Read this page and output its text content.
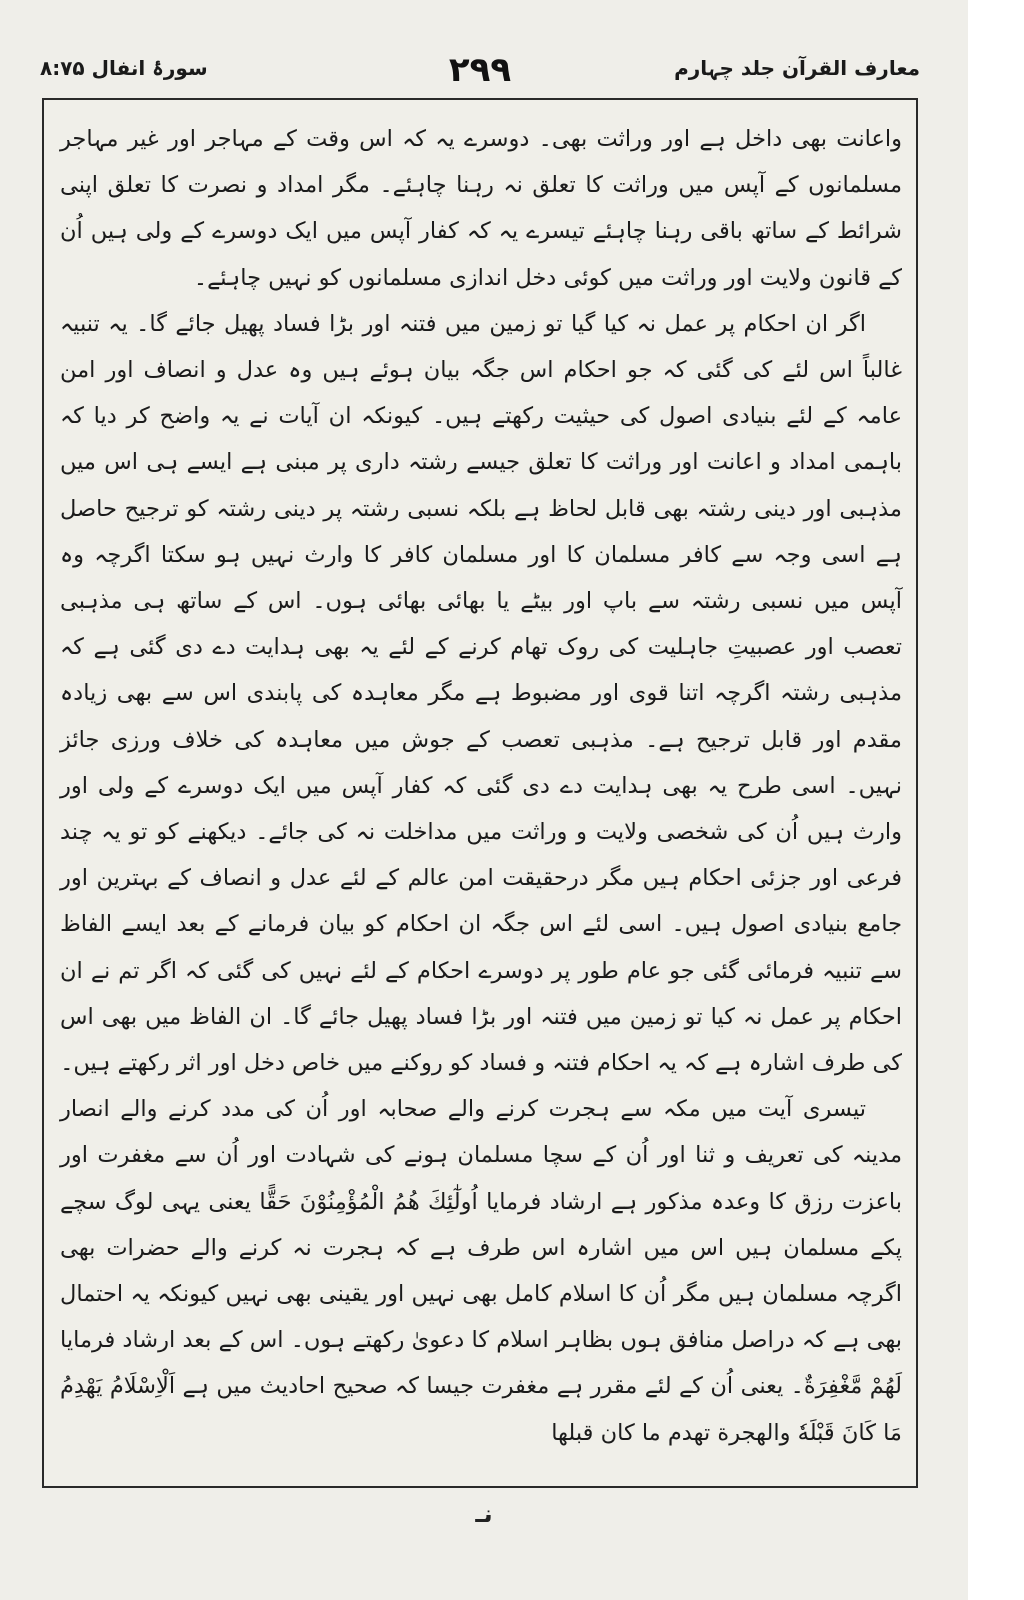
معارف القرآن جلد چہارم
۲۹۹
سورۂ انفال ۸:۷۵

واعانت بھی داخل ہے اور وراثت بھی۔ دوسرے یہ کہ اس وقت کے مہاجر اور غیر مہاجر مسلمانوں کے آپس میں وراثت کا تعلق نہ رہنا چاہئے۔ مگر امداد و نصرت کا تعلق اپنی شرائط کے ساتھ باقی رہنا چاہئے تیسرے یہ کہ کفار آپس میں ایک دوسرے کے ولی ہیں اُن کے قانون ولایت اور وراثت میں کوئی دخل اندازی مسلمانوں کو نہیں چاہئے۔

اگر ان احکام پر عمل نہ کیا گیا تو زمین میں فتنہ اور بڑا فساد پھیل جائے گا۔ یہ تنبیہ غالباً اس لئے کی گئی کہ جو احکام اس جگہ بیان ہوئے ہیں وہ عدل و انصاف اور امن عامہ کے لئے بنیادی اصول کی حیثیت رکھتے ہیں۔ کیونکہ ان آیات نے یہ واضح کر دیا کہ باہمی امداد و اعانت اور وراثت کا تعلق جیسے رشتہ داری پر مبنی ہے ایسے ہی اس میں مذہبی اور دینی رشتہ بھی قابل لحاظ ہے بلکہ نسبی رشتہ پر دینی رشتہ کو ترجیح حاصل ہے اسی وجہ سے کافر مسلمان کا اور مسلمان کافر کا وارث نہیں ہو سکتا اگرچہ وہ آپس میں نسبی رشتہ سے باپ اور بیٹے یا بھائی بھائی ہوں۔ اس کے ساتھ ہی مذہبی تعصب اور عصبیتِ جاہلیت کی روک تھام کرنے کے لئے یہ بھی ہدایت دے دی گئی ہے کہ مذہبی رشتہ اگرچہ اتنا قوی اور مضبوط ہے مگر معاہدہ کی پابندی اس سے بھی زیادہ مقدم اور قابل ترجیح ہے۔ مذہبی تعصب کے جوش میں معاہدہ کی خلاف ورزی جائز نہیں۔ اسی طرح یہ بھی ہدایت دے دی گئی کہ کفار آپس میں ایک دوسرے کے ولی اور وارث ہیں اُن کی شخصی ولایت و وراثت میں مداخلت نہ کی جائے۔ دیکھنے کو تو یہ چند فرعی اور جزئی احکام ہیں مگر درحقیقت امن عالم کے لئے عدل و انصاف کے بہترین اور جامع بنیادی اصول ہیں۔ اسی لئے اس جگہ ان احکام کو بیان فرمانے کے بعد ایسے الفاظ سے تنبیہ فرمائی گئی جو عام طور پر دوسرے احکام کے لئے نہیں کی گئی کہ اگر تم نے ان احکام پر عمل نہ کیا تو زمین میں فتنہ اور بڑا فساد پھیل جائے گا۔ ان الفاظ میں بھی اس کی طرف اشارہ ہے کہ یہ احکام فتنہ و فساد کو روکنے میں خاص دخل اور اثر رکھتے ہیں۔

تیسری آیت میں مکہ سے ہجرت کرنے والے صحابہ اور اُن کی مدد کرنے والے انصار مدینہ کی تعریف و ثنا اور اُن کے سچا مسلمان ہونے کی شہادت اور اُن سے مغفرت اور باعزت رزق کا وعدہ مذکور ہے ارشاد فرمایا اُولٰٓئِكَ هُمُ الْمُؤْمِنُوْنَ حَقًّا یعنی یہی لوگ سچے پکے مسلمان ہیں اس میں اشارہ اس طرف ہے کہ ہجرت نہ کرنے والے حضرات بھی اگرچہ مسلمان ہیں مگر اُن کا اسلام کامل بھی نہیں اور یقینی بھی نہیں کیونکہ یہ احتمال بھی ہے کہ دراصل منافق ہوں بظاہر اسلام کا دعویٰ رکھتے ہوں۔ اس کے بعد ارشاد فرمایا لَهُمْ مَّغْفِرَةٌ۔ یعنی اُن کے لئے مقرر ہے مغفرت جیسا کہ صحیح احادیث میں ہے اَلْاِسْلَامُ يَهْدِمُ مَا كَانَ قَبْلَهٗ والهجرة تهدم ما كان قبلها

نـ
